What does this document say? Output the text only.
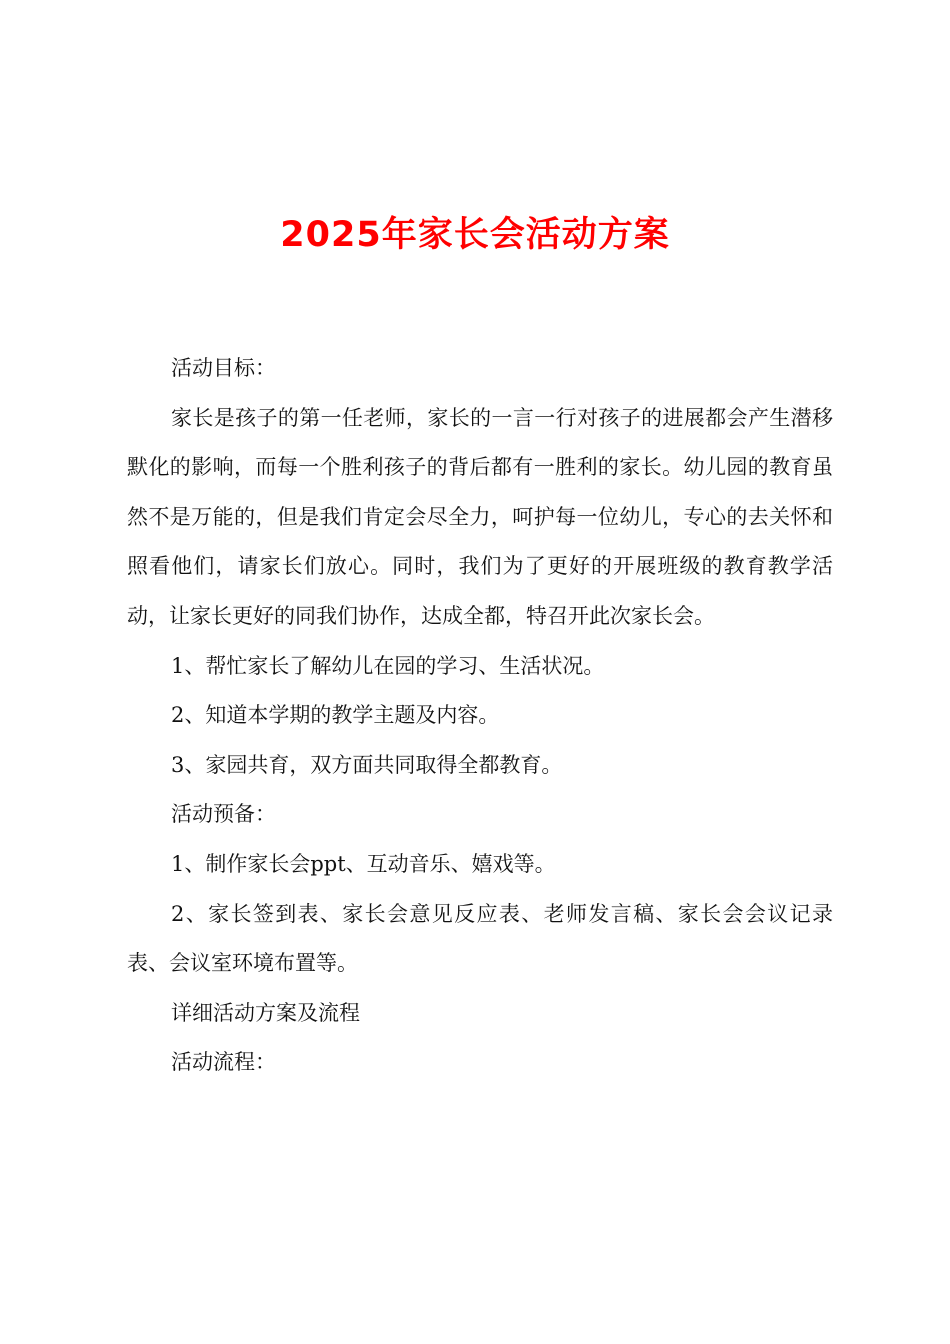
2025年家长会活动方案

活动目标：

家长是孩子的第一任老师，家长的一言一行对孩子的进展都会产生潜移默化的影响，而每一个胜利孩子的背后都有一胜利的家长。幼儿园的教育虽然不是万能的，但是我们肯定会尽全力，呵护每一位幼儿，专心的去关怀和照看他们，请家长们放心。同时，我们为了更好的开展班级的教育教学活动，让家长更好的同我们协作，达成全都，特召开此次家长会。

1、帮忙家长了解幼儿在园的学习、生活状况。

2、知道本学期的教学主题及内容。

3、家园共育，双方面共同取得全都教育。

活动预备：

1、制作家长会ppt、互动音乐、嬉戏等。

2、家长签到表、家长会意见反应表、老师发言稿、家长会会议记录表、会议室环境布置等。

详细活动方案及流程

活动流程：
